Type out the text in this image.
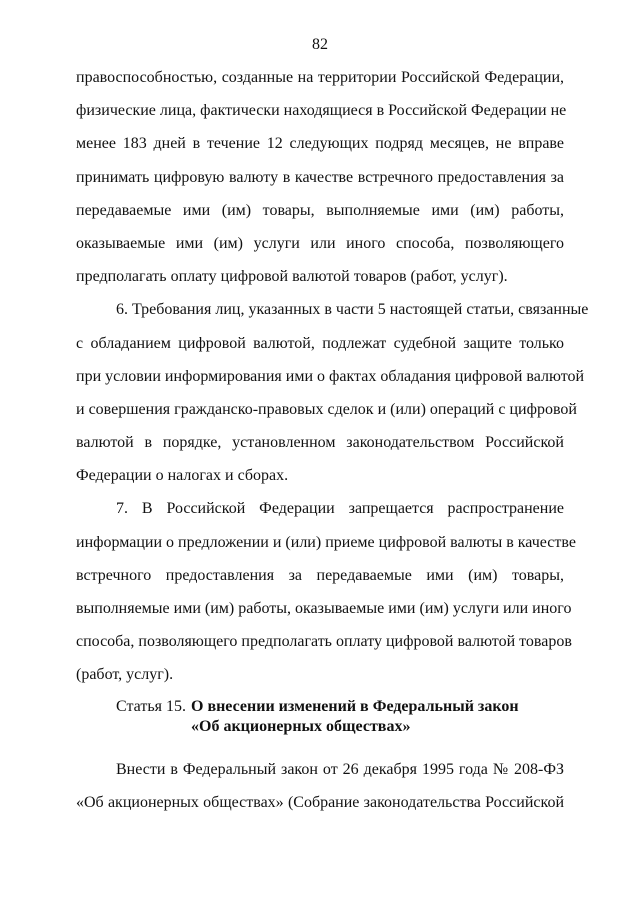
82
правоспособностью, созданные на территории Российской Федерации,
физические лица, фактически находящиеся в Российской Федерации не
менее 183 дней в течение 12 следующих подряд месяцев, не вправе
принимать цифровую валюту в качестве встречного предоставления за
передаваемые ими (им) товары, выполняемые ими (им) работы,
оказываемые ими (им) услуги или иного способа, позволяющего
предполагать оплату цифровой валютой товаров (работ, услуг).
6. Требования лиц, указанных в части 5 настоящей статьи, связанные
с обладанием цифровой валютой, подлежат судебной защите только
при условии информирования ими о фактах обладания цифровой валютой
и совершения гражданско-правовых сделок и (или) операций с цифровой
валютой в порядке, установленном законодательством Российской
Федерации о налогах и сборах.
7. В Российской Федерации запрещается распространение
информации о предложении и (или) приеме цифровой валюты в качестве
встречного предоставления за передаваемые ими (им) товары,
выполняемые ими (им) работы, оказываемые ими (им) услуги или иного
способа, позволяющего предполагать оплату цифровой валютой товаров
(работ, услуг).
Статья 15. О внесении изменений в Федеральный закон
«Об акционерных обществах»
Внести в Федеральный закон от 26 декабря 1995 года № 208-ФЗ
«Об акционерных обществах» (Собрание законодательства Российской
